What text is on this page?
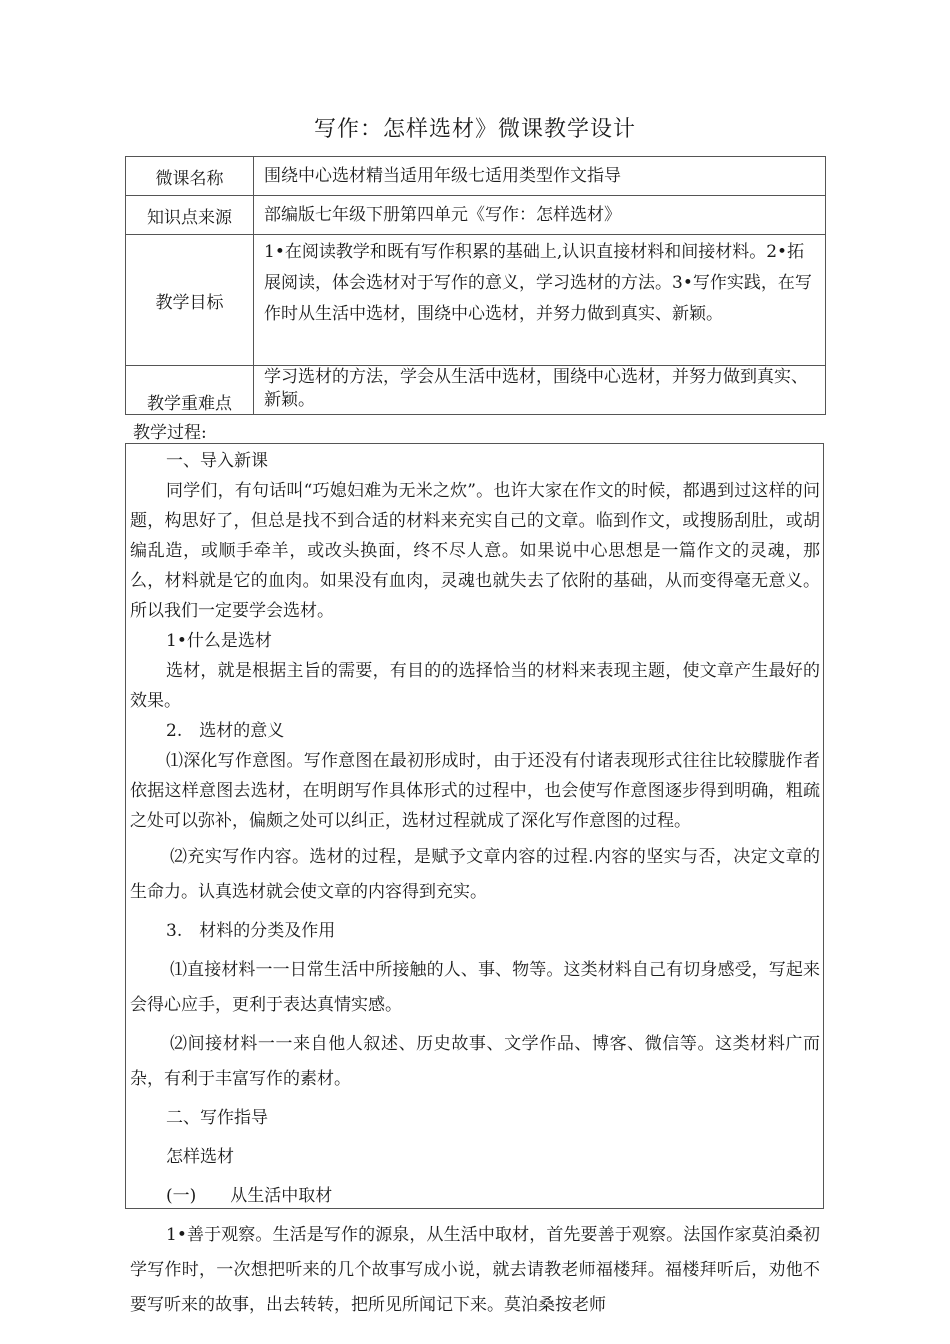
写作：怎样选材》微课教学设计
微课名称	围绕中心选材精当适用年级七适用类型作文指导
知识点来源	部编版七年级下册第四单元《写作：怎样选材》
教学目标	1•在阅读教学和既有写作积累的基础上,认识直接材料和间接材料。2•拓展阅读，体会选材对于写作的意义，学习选材的方法。3•写作实践，在写作时从生活中选材，围绕中心选材，并努力做到真实、新颖。
教学重难点	学习选材的方法，学会从生活中选材，围绕中心选材，并努力做到真实、新颖。
教学过程:

一、导入新课

同学们，有句话叫“巧媳妇难为无米之炊”。也许大家在作文的时候，都遇到过这样的问题，构思好了，但总是找不到合适的材料来充实自己的文章。临到作文，或搜肠刮肚，或胡编乱造，或顺手牵羊，或改头换面，终不尽人意。如果说中心思想是一篇作文的灵魂，那么，材料就是它的血肉。如果没有血肉，灵魂也就失去了依附的基础，从而变得毫无意义。所以我们一定要学会选材。

1•什么是选材

选材，就是根据主旨的需要，有目的的选择恰当的材料来表现主题，使文章产生最好的效果。

2.　选材的意义

⑴深化写作意图。写作意图在最初形成时，由于还没有付诸表现形式往往比较朦胧作者依据这样意图去选材，在明朗写作具体形式的过程中，也会使写作意图逐步得到明确，粗疏之处可以弥补，偏颇之处可以纠正，选材过程就成了深化写作意图的过程。

⑵充实写作内容。选材的过程，是赋予文章内容的过程.内容的坚实与否，决定文章的生命力。认真选材就会使文章的内容得到充实。

3.　材料的分类及作用

⑴直接材料一一日常生活中所接触的人、事、物等。这类材料自己有切身感受，写起来会得心应手，更利于表达真情实感。

⑵间接材料一一来自他人叙述、历史故事、文学作品、博客、微信等。这类材料广而杂，有利于丰富写作的素材。

二、写作指导

怎样选材

(一)　　从生活中取材

1•善于观察。生活是写作的源泉，从生活中取材，首先要善于观察。法国作家莫泊桑初学写作时，一次想把听来的几个故事写成小说，就去请教老师福楼拜。福楼拜听后，劝他不要写听来的故事，出去转转，把所见所闻记下来。莫泊桑按老师
